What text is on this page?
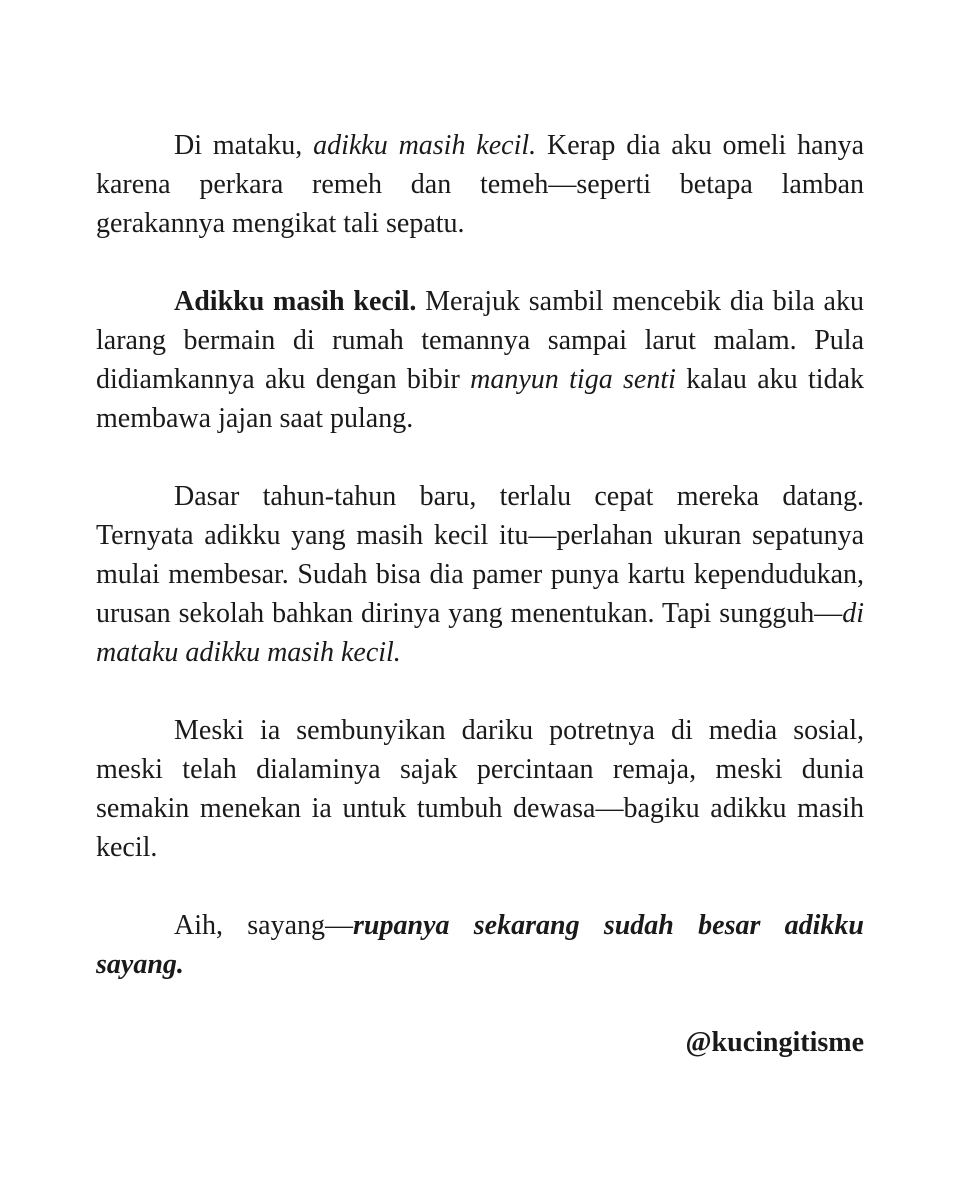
Di mataku, adikku masih kecil. Kerap dia aku omeli hanya karena perkara remeh dan temeh—seperti betapa lamban gerakannya mengikat tali sepatu.

Adikku masih kecil. Merajuk sambil mencebik dia bila aku larang bermain di rumah temannya sampai larut malam. Pula didiamkannya aku dengan bibir manyun tiga senti kalau aku tidak membawa jajan saat pulang.

Dasar tahun-tahun baru, terlalu cepat mereka datang. Ternyata adikku yang masih kecil itu—perlahan ukuran sepatunya mulai membesar. Sudah bisa dia pamer punya kartu kependudukan, urusan sekolah bahkan dirinya yang menentukan. Tapi sungguh—di mataku adikku masih kecil.

Meski ia sembunyikan dariku potretnya di media sosial, meski telah dialaminya sajak percintaan remaja, meski dunia semakin menekan ia untuk tumbuh dewasa—bagiku adikku masih kecil.

Aih, sayang—rupanya sekarang sudah besar adikku sayang.

@kucingitisme
